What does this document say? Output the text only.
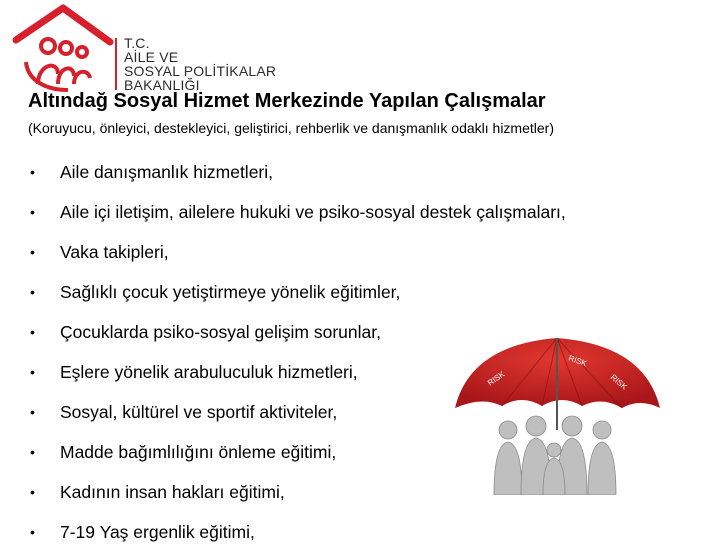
T.C.
AİLE VE
SOSYAL POLİTİKALAR
BAKANLIĞI
Altındağ Sosyal Hizmet Merkezinde Yapılan Çalışmalar
(Koruyucu, önleyici, destekleyici, geliştirici, rehberlik ve danışmanlık odaklı hizmetler)
•	Aile danışmanlık hizmetleri,
•	Aile içi iletişim, ailelere hukuki ve psiko-sosyal destek çalışmaları,
•	Vaka takipleri,
•	Sağlıklı çocuk yetiştirmeye yönelik eğitimler,
•	Çocuklarda psiko-sosyal gelişim sorunlar,
•	Eşlere yönelik arabuluculuk hizmetleri,
•	Sosyal, kültürel ve sportif aktiviteler,
•	Madde bağımlılığını önleme eğitimi,
•	Kadının insan hakları eğitimi,
•	7-19 Yaş ergenlik eğitimi,
RISK
RISK
RISK
